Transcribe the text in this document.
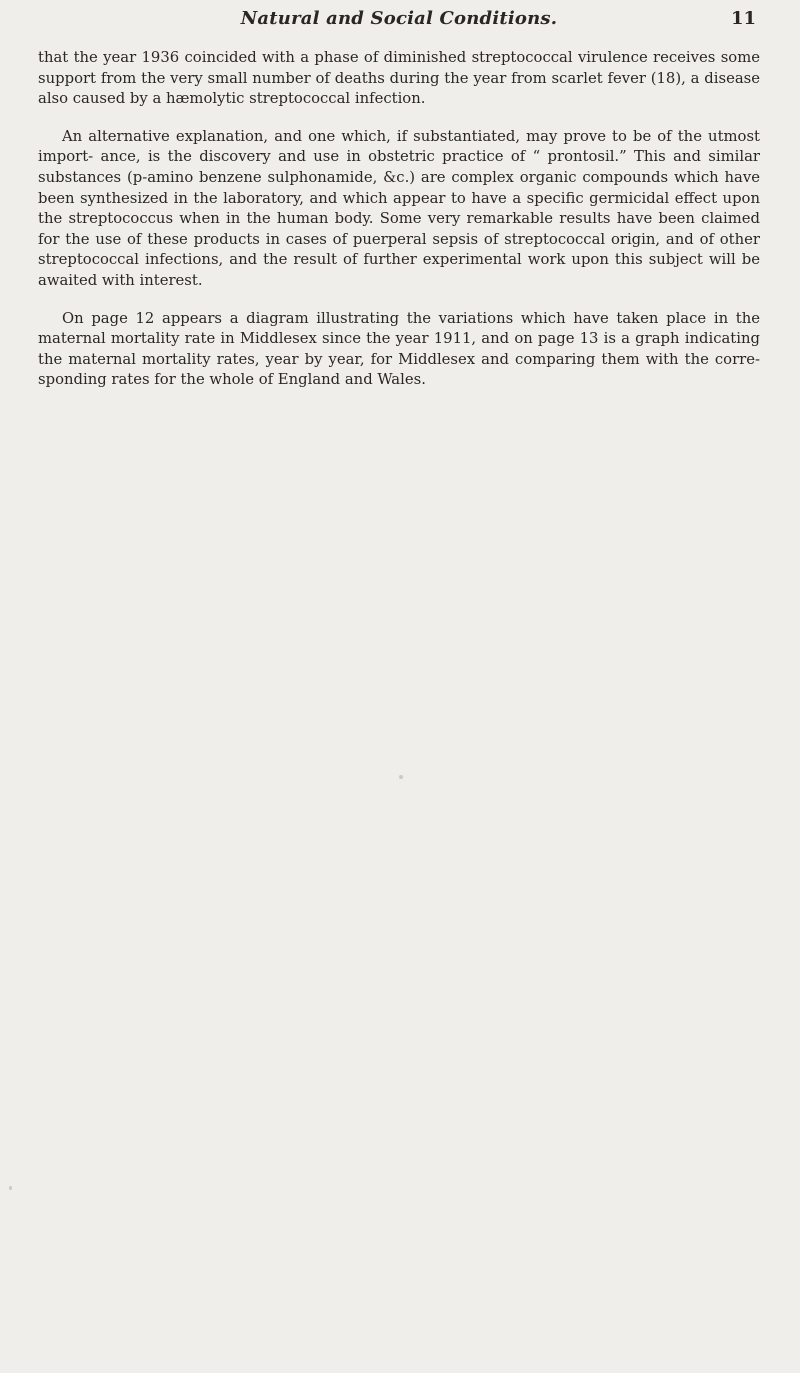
Natural and Social Conditions.	11

that the year 1936 coincided with a phase of diminished streptococcal virulence receives some support from the very small number of deaths during the year from scarlet fever (18), a disease also caused by a hæmolytic streptococcal infection.

An alternative explanation, and one which, if substantiated, may prove to be of the utmost import- ance, is the discovery and use in obstetric practice of “ prontosil.” This and similar substances (p-amino benzene sulphonamide, &c.) are complex organic compounds which have been synthesized in the laboratory, and which appear to have a specific germicidal effect upon the streptococcus when in the human body. Some very remarkable results have been claimed for the use of these products in cases of puerperal sepsis of streptococcal origin, and of other streptococcal infections, and the result of further experimental work upon this subject will be awaited with interest.

On page 12 appears a diagram illustrating the variations which have taken place in the maternal mortality rate in Middlesex since the year 1911, and on page 13 is a graph indicating the maternal mortality rates, year by year, for Middlesex and comparing them with the corre- sponding rates for the whole of England and Wales.
